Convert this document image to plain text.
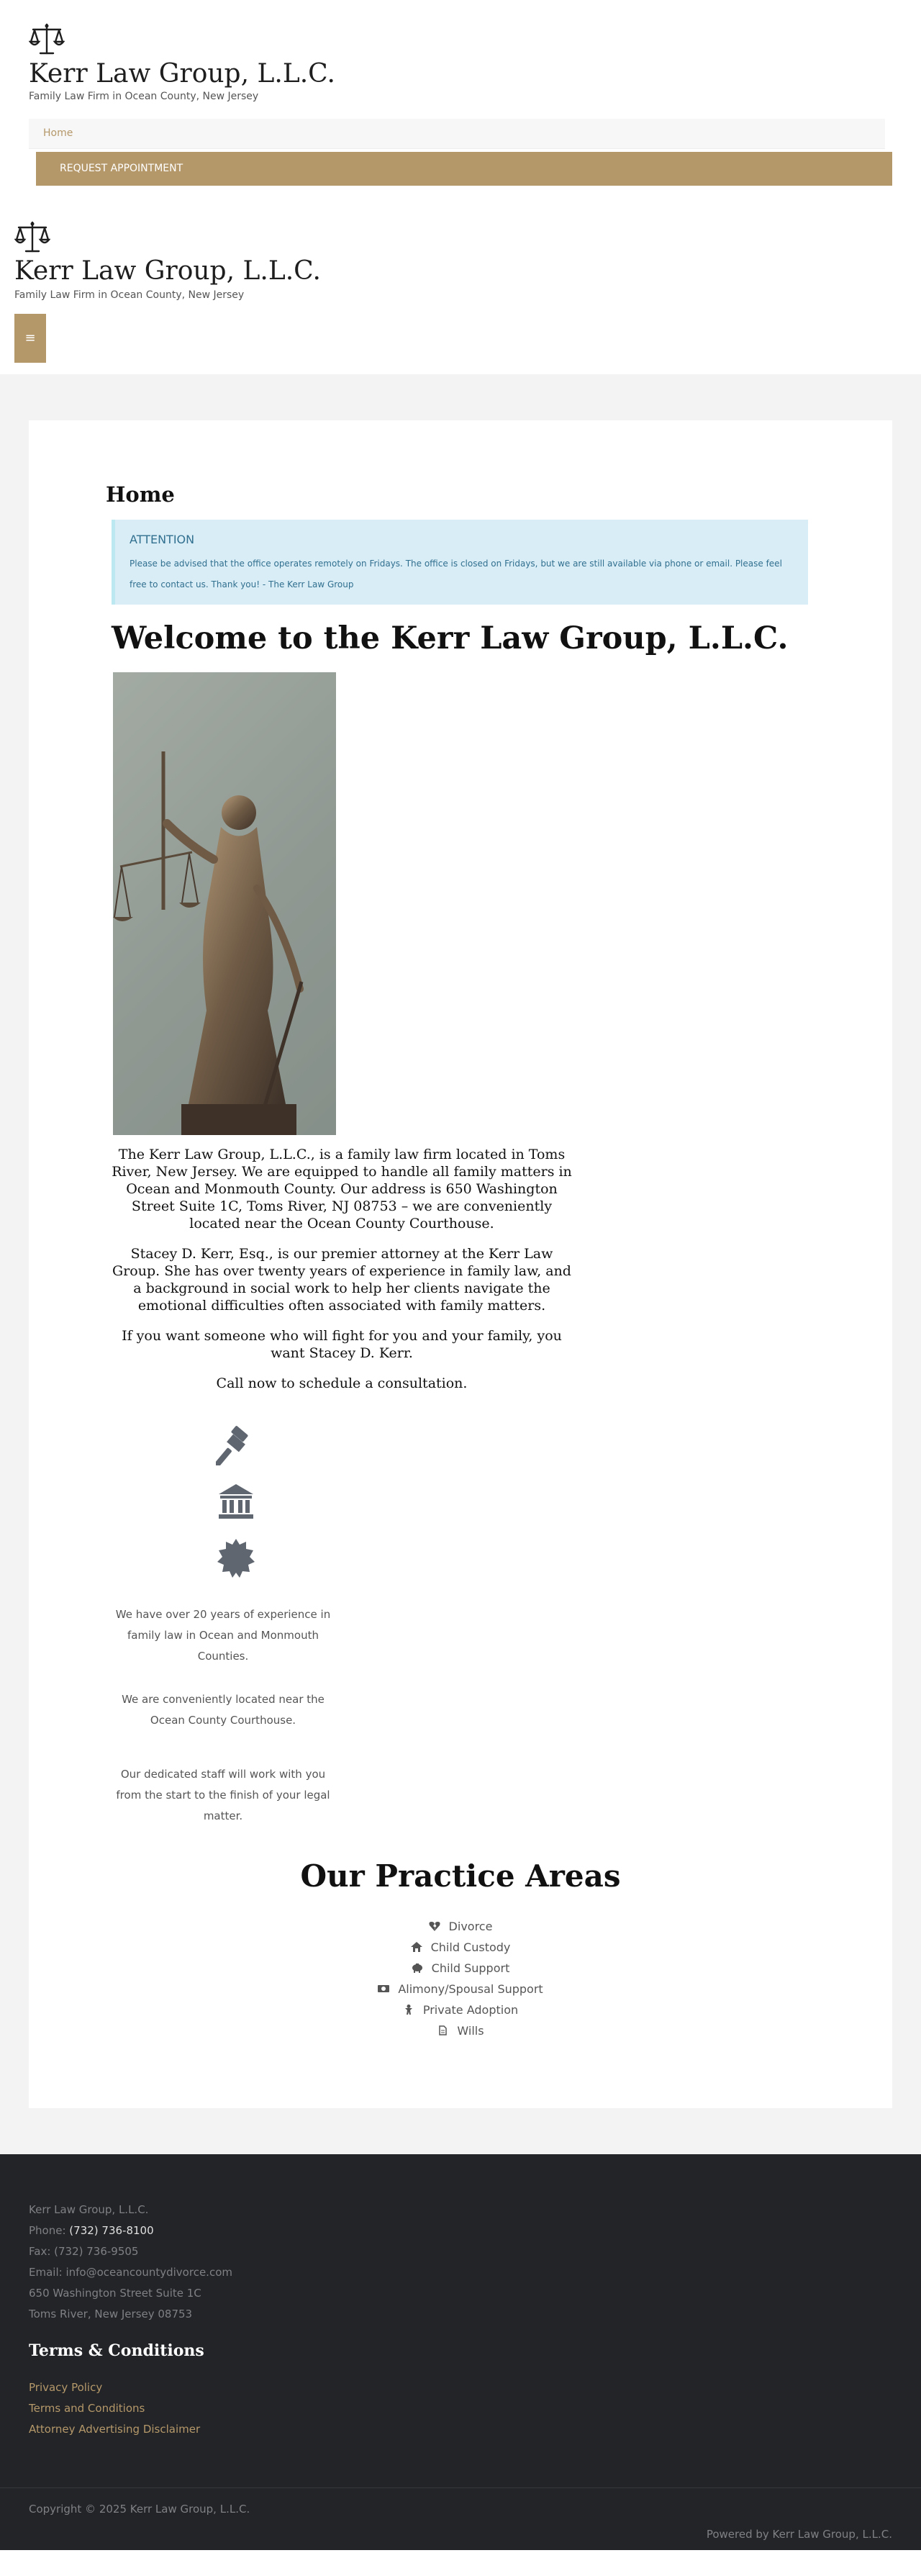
Kerr Law Group, L.L.C.
Family Law Firm in Ocean County, New Jersey
Home
REQUEST APPOINTMENT
Kerr Law Group, L.L.C.
Family Law Firm in Ocean County, New Jersey
≡
Home
ATTENTION
Please be advised that the office operates remotely on Fridays. The office is closed on Fridays, but we are still available via phone or email. Please feel free to contact us. Thank you! - The Kerr Law Group
Welcome to the Kerr Law Group, L.L.C.

The Kerr Law Group, L.L.C., is a family law firm located in Toms River, New Jersey. We are equipped to handle all family matters in Ocean and Monmouth County. Our address is 650 Washington Street Suite 1C, Toms River, NJ 08753 – we are conveniently located near the Ocean County Courthouse.

Stacey D. Kerr, Esq., is our premier attorney at the Kerr Law Group. She has over twenty years of experience in family law, and a background in social work to help her clients navigate the emotional difficulties often associated with family matters.

If you want someone who will fight for you and your family, you want Stacey D. Kerr.

Call now to schedule a consultation.

We have over 20 years of experience in family law in Ocean and Monmouth Counties.
We are conveniently located near the Ocean County Courthouse.
Our dedicated staff will work with you from the start to the finish of your legal matter.
Our Practice Areas
Divorce
Child Custody
Child Support
Alimony/Spousal Support
Private Adoption
Wills
Kerr Law Group, L.L.C.
Phone: (732) 736-8100
Fax: (732) 736-9505
Email: info@oceancountydivorce.com
650 Washington Street Suite 1C
Toms River, New Jersey 08753
Terms & Conditions
Privacy Policy
Terms and Conditions
Attorney Advertising Disclaimer
Copyright © 2025 Kerr Law Group, L.L.C.
Powered by Kerr Law Group, L.L.C.
